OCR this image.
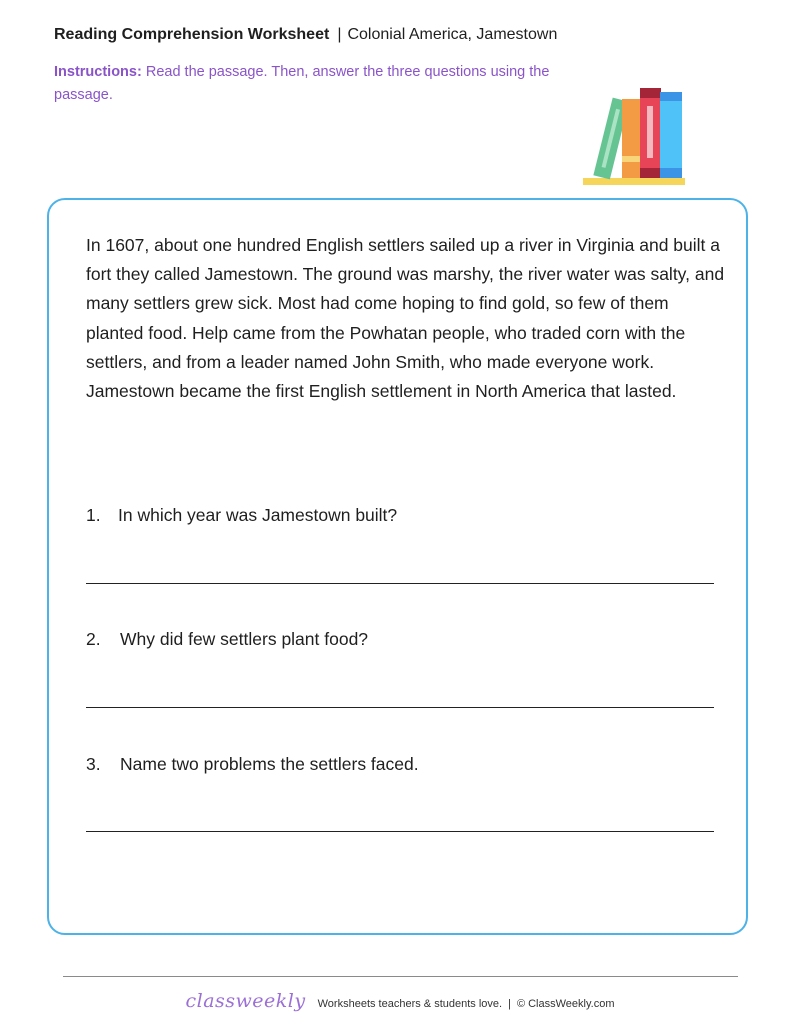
Reading Comprehension Worksheet | Colonial America, Jamestown
Instructions: Read the passage. Then, answer the three questions using the passage.
In 1607, about one hundred English settlers sailed up a river in Virginia and built a fort they called Jamestown. The ground was marshy, the river water was salty, and many settlers grew sick. Most had come hoping to find gold, so few of them planted food. Help came from the Powhatan people, who traded corn with the settlers, and from a leader named John Smith, who made everyone work. Jamestown became the first English settlement in North America that lasted.
1. In which year was Jamestown built?
2. Why did few settlers plant food?
3. Name two problems the settlers faced.
classweekly Worksheets teachers & students love. | © ClassWeekly.com
